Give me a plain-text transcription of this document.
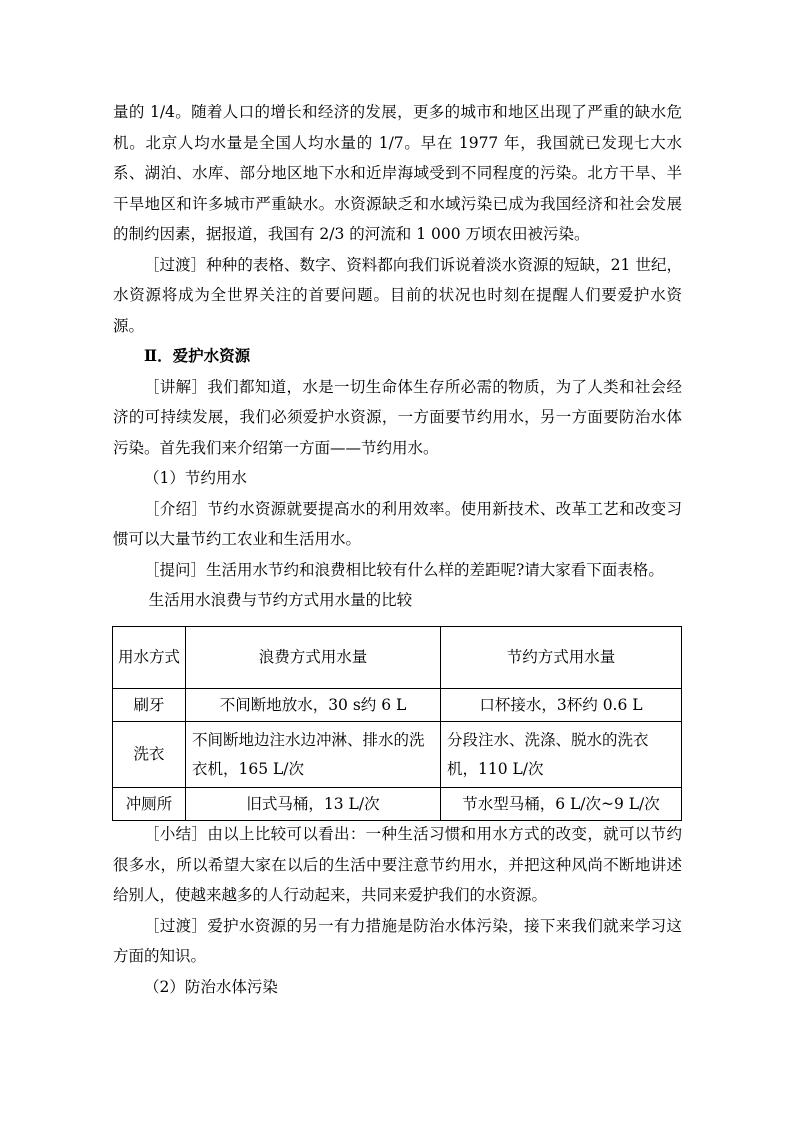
量的 1/4。随着人口的增长和经济的发展，更多的城市和地区出现了严重的缺水危机。北京人均水量是全国人均水量的 1/7。早在 1977 年，我国就已发现七大水系、湖泊、水库、部分地区地下水和近岸海域受到不同程度的污染。北方干旱、半干旱地区和许多城市严重缺水。水资源缺乏和水域污染已成为我国经济和社会发展的制约因素，据报道，我国有 2/3 的河流和 1 000 万顷农田被污染。

［过渡］种种的表格、数字、资料都向我们诉说着淡水资源的短缺，21 世纪，水资源将成为全世界关注的首要问题。目前的状况也时刻在提醒人们要爱护水资源。

Ⅱ．爱护水资源

［讲解］我们都知道，水是一切生命体生存所必需的物质，为了人类和社会经济的可持续发展，我们必须爱护水资源，一方面要节约用水，另一方面要防治水体污染。首先我们来介绍第一方面——节约用水。

（1）节约用水

［介绍］节约水资源就要提高水的利用效率。使用新技术、改革工艺和改变习惯可以大量节约工农业和生活用水。

［提问］生活用水节约和浪费相比较有什么样的差距呢?请大家看下面表格。

生活用水浪费与节约方式用水量的比较

用水方式	浪费方式用水量	节约方式用水量
刷牙	不间断地放水，30 s约 6 L	口杯接水，3杯约 0.6 L
洗衣	不间断地边注水边冲淋、排水的洗衣机，165 L/次	分段注水、洗涤、脱水的洗衣机，110 L/次
冲厕所	旧式马桶，13 L/次	节水型马桶，6 L/次~9 L/次

［小结］由以上比较可以看出：一种生活习惯和用水方式的改变，就可以节约很多水，所以希望大家在以后的生活中要注意节约用水，并把这种风尚不断地讲述给别人，使越来越多的人行动起来，共同来爱护我们的水资源。

［过渡］爱护水资源的另一有力措施是防治水体污染，接下来我们就来学习这方面的知识。

（2）防治水体污染
